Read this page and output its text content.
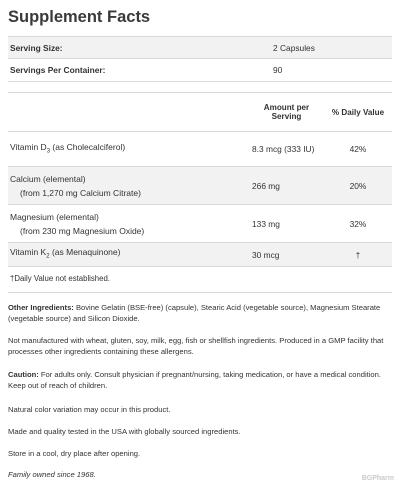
Supplement Facts
Serving Size:	2 Capsules
Servings Per Container:	90
Amount per Serving	% Daily Value
Vitamin $D_3$ (as Cholecalciferol)	8.3 mcg (333 IU)	42%
Calcium (elemental)
(from 1,270 mg Calcium Citrate)
266 mg	20%
Magnesium (elemental)
(from 230 mg Magnesium Oxide)
133 mg	32%
Vitamin $K_2$ (as Menaquinone)	30 mcg	†
†Daily Value not established.
Other Ingredients: Bovine Gelatin (BSE-free) (capsule), Stearic Acid (vegetable source), Magnesium Stearate (vegetable source) and Silicon Dioxide.
Not manufactured with wheat, gluten, soy, milk, egg, fish or shellfish ingredients. Produced in a GMP facility that processes other ingredients containing these allergens.
Caution: For adults only. Consult physician if pregnant/nursing, taking medication, or have a medical condition. Keep out of reach of children.
Natural color variation may occur in this product.
Made and quality tested in the USA with globally sourced ingredients.
Store in a cool, dry place after opening.
Family owned since 1968.	BGPharm
